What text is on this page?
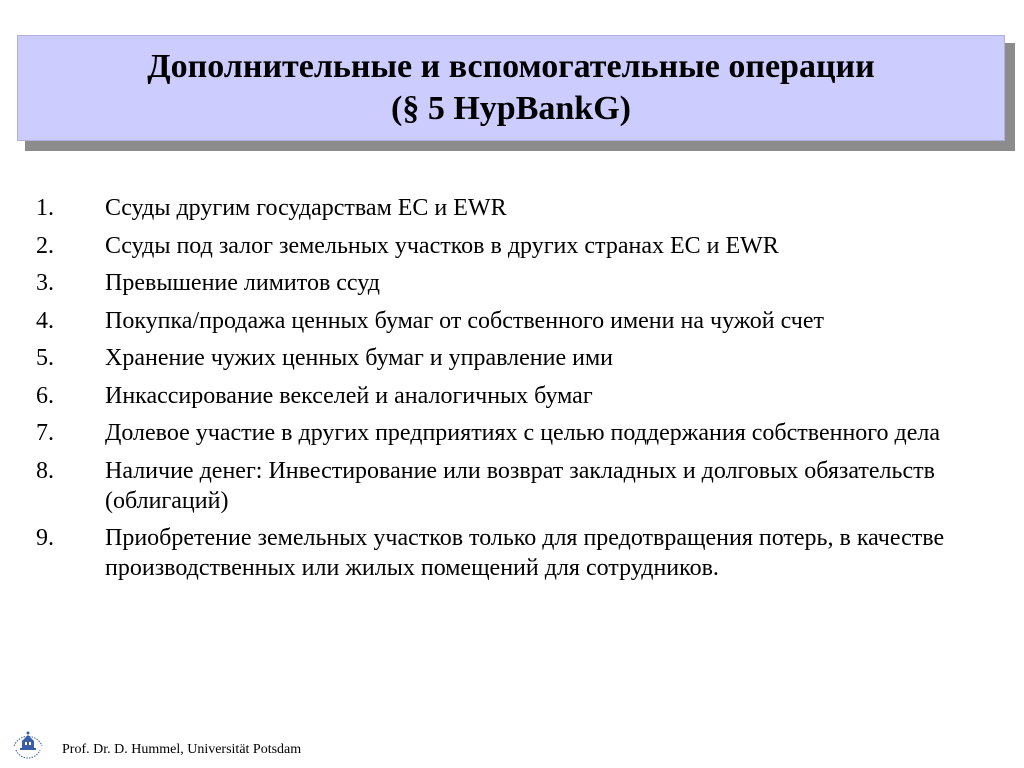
Дополнительные и вспомогательные операции
(§ 5 HypBankG)
1.	Ссуды другим государствам ЕС и EWR
2.	Ссуды под залог земельных участков в других странах ЕС и EWR
3.	Превышение лимитов ссуд
4.	Покупка/продажа ценных бумаг от собственного имени на чужой счет
5.	Хранение чужих ценных бумаг и управление ими
6.	Инкассирование векселей и аналогичных бумаг
7.	Долевое участие в других предприятиях с целью поддержания собственного дела
8.	Наличие денег: Инвестирование или возврат закладных и долговых обязательств (облигаций)
9.	Приобретение земельных участков только для предотвращения потерь, в качестве производственных или жилых помещений для сотрудников.
Prof. Dr. D. Hummel, Universität Potsdam
